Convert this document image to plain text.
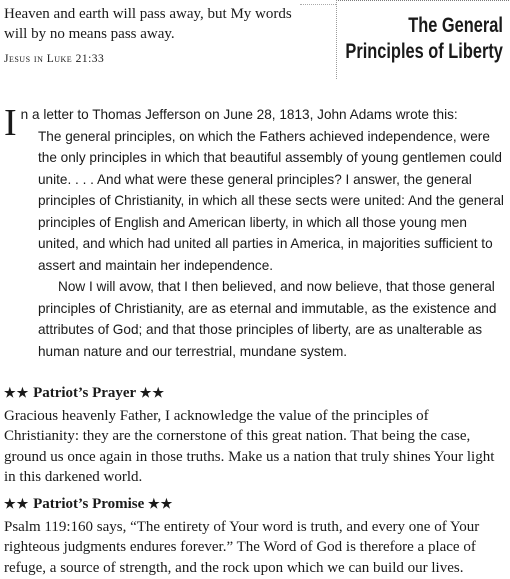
Heaven and earth will pass away, but My words will by no means pass away.

Jesus in Luke 21:33
The General
Principles of Liberty

In a letter to Thomas Jefferson on June 28, 1813, John Adams wrote this:

The general principles, on which the Fathers achieved independence, were the only principles in which that beautiful assembly of young gentlemen could unite. . . . And what were these general principles? I answer, the general principles of Christianity, in which all these sects were united: And the general principles of English and American liberty, in which all those young men united, and which had united all parties in America, in majorities sufficient to assert and maintain her independence.

Now I will avow, that I then believed, and now believe, that those general principles of Christianity, are as eternal and immutable, as the existence and attributes of God; and that those principles of liberty, are as unalterable as human nature and our terrestrial, mundane system.

★★ Patriot’s Prayer ★★

Gracious heavenly Father, I acknowledge the value of the principles of Christianity: they are the cornerstone of this great nation. That being the case, ground us once again in those truths. Make us a nation that truly shines Your light in this darkened world.

★★ Patriot’s Promise ★★

Psalm 119:160 says, “The entirety of Your word is truth, and every one of Your righteous judgments endures forever.” The Word of God is therefore a place of refuge, a source of strength, and the rock upon which we can build our lives.
